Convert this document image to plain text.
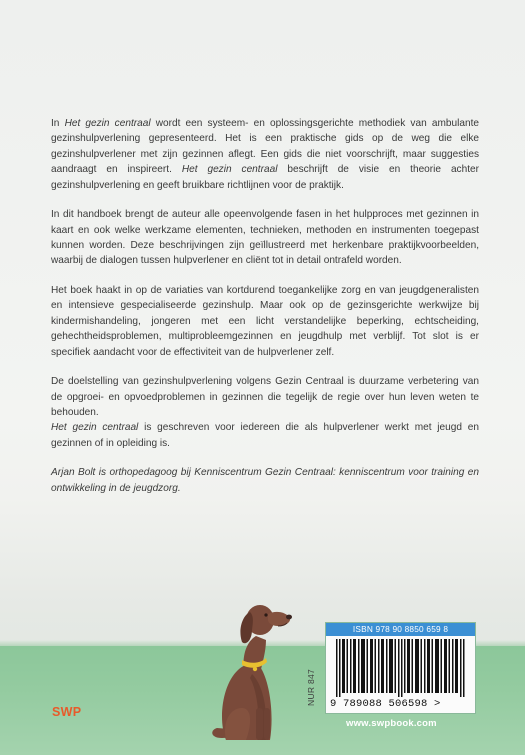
In Het gezin centraal wordt een systeem- en oplossingsgerichte methodiek van ambulante gezinshulpverlening gepresenteerd. Het is een praktische gids op de weg die elke gezinshulpverlener met zijn gezinnen aflegt. Een gids die niet voorschrijft, maar suggesties aandraagt en inspireert. Het gezin centraal beschrijft de visie en theorie achter gezinshulpverlening en geeft bruikbare richtlijnen voor de praktijk.

In dit handboek brengt de auteur alle opeenvolgende fasen in het hulpproces met gezinnen in kaart en ook welke werkzame elementen, technieken, methoden en instrumenten toegepast kunnen worden. Deze beschrijvingen zijn geïllustreerd met herkenbare praktijkvoorbeelden, waarbij de dialogen tussen hulpverlener en cliënt tot in detail ontrafeld worden.

Het boek haakt in op de variaties van kortdurend toegankelijke zorg en van jeugdgeneralisten en intensieve gespecialiseerde gezinshulp. Maar ook op de gezinsgerichte werkwijze bij kindermishandeling, jongeren met een licht verstandelijke beperking, echtscheiding, gehechtheidsproblemen, multiprobleemgezinnen en jeugdhulp met verblijf. Tot slot is er specifiek aandacht voor de effectiviteit van de hulpverlener zelf.

De doelstelling van gezinshulpverlening volgens Gezin Centraal is duurzame verbetering van de opgroei- en opvoedproblemen in gezinnen die tegelijk de regie over hun leven weten te behouden.

Het gezin centraal is geschreven voor iedereen die als hulpverlener werkt met jeugd en gezinnen of in opleiding is.

Arjan Bolt is orthopedagoog bij Kenniscentrum Gezin Centraal: kenniscentrum voor training en ontwikkeling in de jeugdzorg.

NUR 847
ISBN 978 90 8850 659 8
9 789088 506598 >
SWP
www.swpbook.com
